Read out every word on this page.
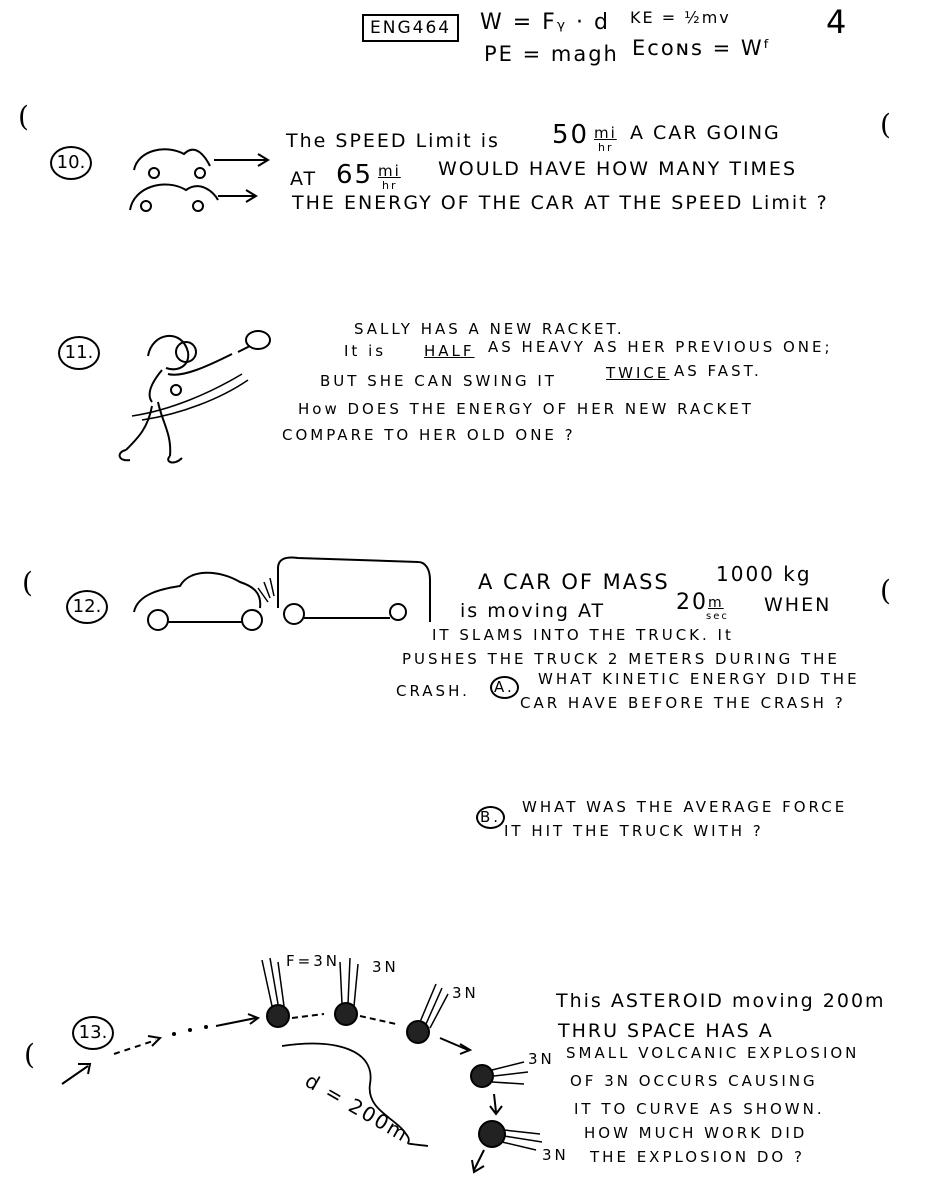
(	(
(	(
(
ENG464	W = Fᵧ · d KE = ½mv
PE = magh Eᴄᴏɴs = Wᶠ
4
10.
The SPEED Limit is 50 mi
hr
A CAR GOING
AT 65 mi
hr
WOULD HAVE HOW MANY TIMES
THE ENERGY OF THE CAR AT THE SPEED Limit ?
11.
SALLY HAS A NEW RACKET.
It is	HALF AS HEAVY AS HER PREVIOUS ONE;
BUT SHE CAN SWING IT	TWICE AS FAST.
How DOES THE ENERGY OF HER NEW RACKET
COMPARE TO HER OLD ONE ?
12.
A CAR OF MASS 1000 kg
is moving AT	20 m
sec
WHEN
IT SLAMS INTO THE TRUCK. It
PUSHES THE TRUCK 2 METERS DURING THE
CRASH. A. WHAT KINETIC ENERGY DID THE
CAR HAVE BEFORE THE CRASH ?
B.
WHAT WAS THE AVERAGE FORCE
IT HIT THE TRUCK WITH ?
13.
F=3N 3N
3N
3N
3N
d = 200m
This ASTEROID moving 200m
THRU SPACE HAS A
SMALL VOLCANIC EXPLOSION
OF 3N OCCURS CAUSING
IT TO CURVE AS SHOWN.
HOW MUCH WORK DID
THE EXPLOSION DO ?
